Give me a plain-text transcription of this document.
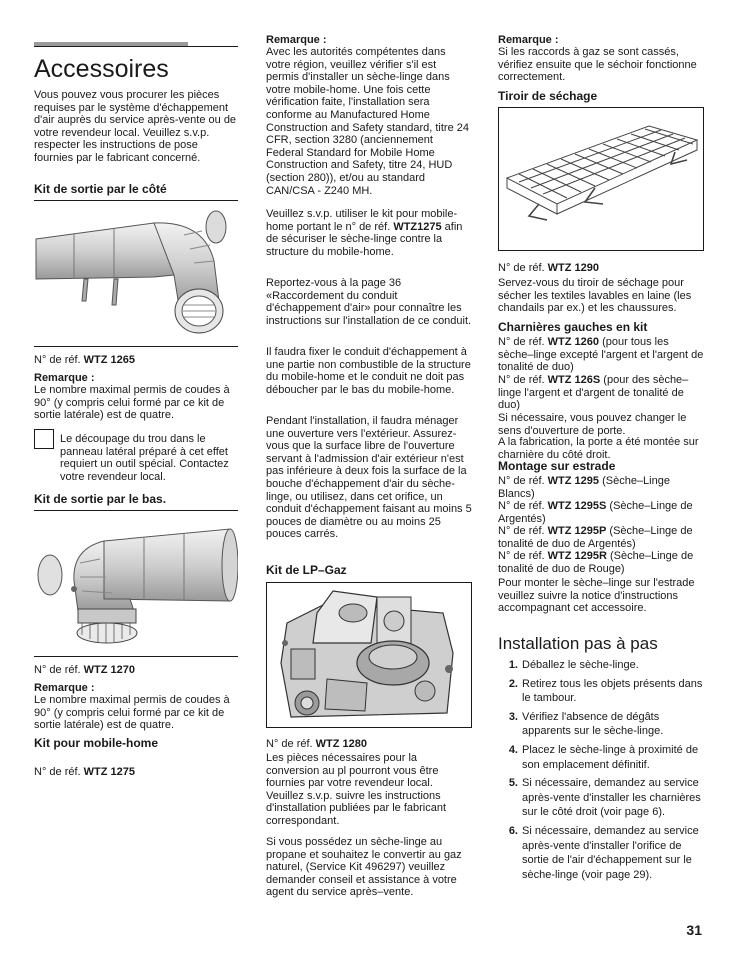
Accessoires

Vous pouvez vous procurer les pièces requises par le système d'échappement d'air auprès du service après-vente ou de votre revendeur local. Veuillez s.v.p. respecter les instructions de pose fournies par le fabricant concerné.

Kit de sortie par le côté

N° de réf. WTZ 1265

Remarque :

Le nombre maximal permis de coudes à 90° (y compris celui formé par ce kit de sortie latérale) est de quatre.

Le découpage du trou dans le panneau latéral préparé à cet effet requiert un outil spécial. Contactez votre revendeur local.

Kit de sortie par le bas.

N° de réf. WTZ 1270

Remarque :

Le nombre maximal permis de coudes à 90° (y compris celui formé par ce kit de sortie latérale) est de quatre.

Kit pour mobile-home

N° de réf. WTZ 1275

Remarque :

Avec les autorités compétentes dans votre région, veuillez vérifier s'il est permis d'installer un sèche-linge dans votre mobile-home. Une fois cette vérification faite, l'installation sera conforme au Manufactured Home Construction and Safety standard, titre 24 CFR, section 3280 (anciennement Federal Standard for Mobile Home Construction and Safety, titre 24, HUD (section 280)), et/ou au standard CAN/CSA - Z240 MH.

Veuillez s.v.p. utiliser le kit pour mobile-home portant le n° de réf. WTZ1275 afin de sécuriser le sèche-linge contre la structure du mobile-home.

Reportez-vous à la page 36 «Raccordement du conduit d'échappement d'air» pour connaître les instructions sur l'installation de ce conduit.

Il faudra fixer le conduit d'échappement à une partie non combustible de la structure du mobile-home et le conduit ne doit pas déboucher par le bas du mobile-home.

Pendant l'installation, il faudra ménager une ouverture vers l'extérieur. Assurez-vous que la surface libre de l'ouverture servant à l'admission d'air extérieur n'est pas inférieure à deux fois la surface de la bouche d'échappement d'air du sèche-linge, ou utilisez, dans cet orifice, un conduit d'échappement faisant au moins 5 pouces de diamètre ou au moins 25 pouces carrés.

Kit de LP–Gaz

N° de réf. WTZ 1280

Les pièces nécessaires pour la conversion au pl pourront vous être fournies par votre revendeur local. Veuillez s.v.p. suivre les instructions d'installation publiées par le fabricant correspondant.

Si vous possédez un sèche-linge au propane et souhaitez le convertir au gaz naturel, (Service Kit 496297) veuillez demander conseil et assistance à votre agent du service après–vente.

Remarque :

Si les raccords à gaz se sont cassés, vérifiez ensuite que le séchoir fonctionne correctement.

Tiroir de séchage

N° de réf. WTZ 1290

Servez-vous du tiroir de séchage pour sécher les textiles lavables en laine (les chandails par ex.) et les chaussures.

Charnières gauches en kit

N° de réf. WTZ 1260 (pour tous les sèche–linge excepté l'argent et l'argent de tonalité de duo)

N° de réf. WTZ 126S (pour des sèche–linge l'argent et d'argent de tonalité de duo)

Si nécessaire, vous pouvez changer le sens d'ouverture de porte.

A la fabrication, la porte a été montée sur charnière du côté droit.

Montage sur estrade

N° de réf. WTZ 1295 (Sèche–Linge Blancs)

N° de réf. WTZ 1295S (Sèche–Linge de Argentés)

N° de réf. WTZ 1295P (Sèche–Linge de tonalité de duo de Argentés)

N° de réf. WTZ 1295R (Sèche–Linge de tonalité de duo de Rouge)

Pour monter le sèche–linge sur l'estrade veuillez suivre la notice d'instructions accompagnant cet accessoire.

Installation pas à pas
1. Déballez le sèche-linge.
2. Retirez tous les objets présents dans le tambour.
3. Vérifiez l'absence de dégâts apparents sur le sèche-linge.
4. Placez le sèche-linge à proximité de son emplacement définitif.
5. Si nécessaire, demandez au service après-vente d'installer les charnières sur le côté droit (voir page 6).
6. Si nécessaire, demandez au service après-vente d'installer l'orifice de sortie de l'air d'échappement sur le sèche-linge (voir page 29).
31
